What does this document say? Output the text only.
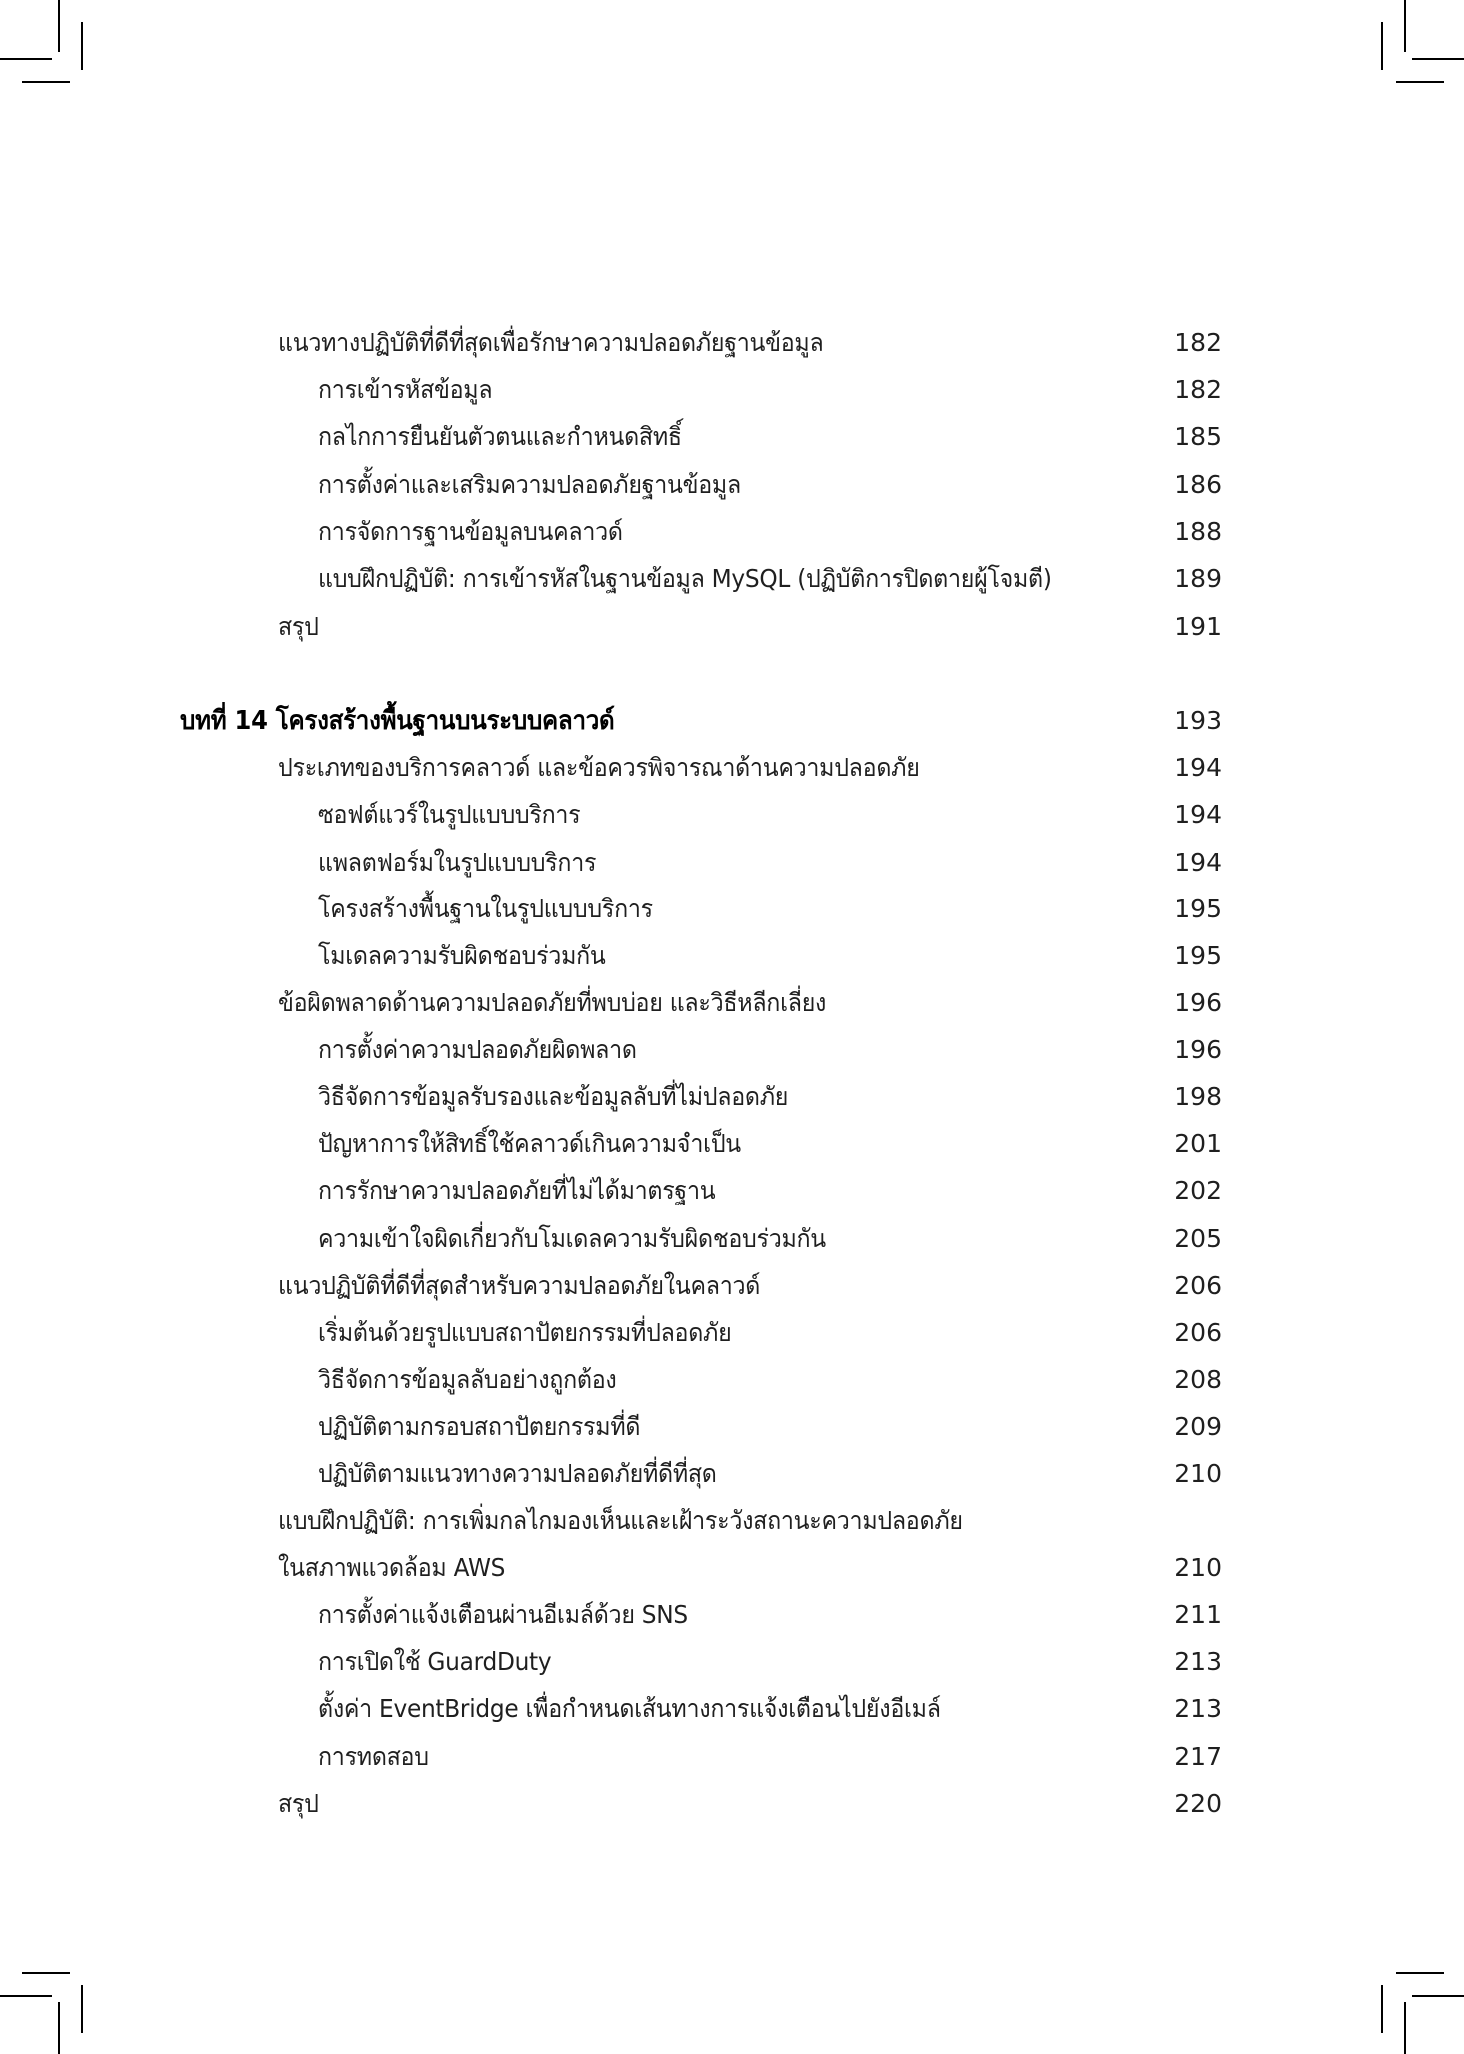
แนวทางปฏิบัติที่ดีที่สุดเพื่อรักษาความปลอดภัยฐานข้อมูล	182
การเข้ารหัสข้อมูล	182
กลไกการยืนยันตัวตนและกำหนดสิทธิ์	185
การตั้งค่าและเสริมความปลอดภัยฐานข้อมูล	186
การจัดการฐานข้อมูลบนคลาวด์	188
แบบฝึกปฏิบัติ: การเข้ารหัสในฐานข้อมูล MySQL (ปฏิบัติการปิดตายผู้โจมตี)	189
สรุป	191
บทที่ 14 โครงสร้างพื้นฐานบนระบบคลาวด์	193
ประเภทของบริการคลาวด์ และข้อควรพิจารณาด้านความปลอดภัย	194
ซอฟต์แวร์ในรูปแบบบริการ	194
แพลตฟอร์มในรูปแบบบริการ	194
โครงสร้างพื้นฐานในรูปแบบบริการ	195
โมเดลความรับผิดชอบร่วมกัน	195
ข้อผิดพลาดด้านความปลอดภัยที่พบบ่อย และวิธีหลีกเลี่ยง	196
การตั้งค่าความปลอดภัยผิดพลาด	196
วิธีจัดการข้อมูลรับรองและข้อมูลลับที่ไม่ปลอดภัย	198
ปัญหาการให้สิทธิ์ใช้คลาวด์เกินความจำเป็น	201
การรักษาความปลอดภัยที่ไม่ได้มาตรฐาน	202
ความเข้าใจผิดเกี่ยวกับโมเดลความรับผิดชอบร่วมกัน	205
แนวปฏิบัติที่ดีที่สุดสำหรับความปลอดภัยในคลาวด์	206
เริ่มต้นด้วยรูปแบบสถาปัตยกรรมที่ปลอดภัย	206
วิธีจัดการข้อมูลลับอย่างถูกต้อง	208
ปฏิบัติตามกรอบสถาปัตยกรรมที่ดี	209
ปฏิบัติตามแนวทางความปลอดภัยที่ดีที่สุด	210
แบบฝึกปฏิบัติ: การเพิ่มกลไกมองเห็นและเฝ้าระวังสถานะความปลอดภัย
ในสภาพแวดล้อม AWS	210
การตั้งค่าแจ้งเตือนผ่านอีเมล์ด้วย SNS	211
การเปิดใช้ GuardDuty	213
ตั้งค่า EventBridge เพื่อกำหนดเส้นทางการแจ้งเตือนไปยังอีเมล์	213
การทดสอบ	217
สรุป	220
